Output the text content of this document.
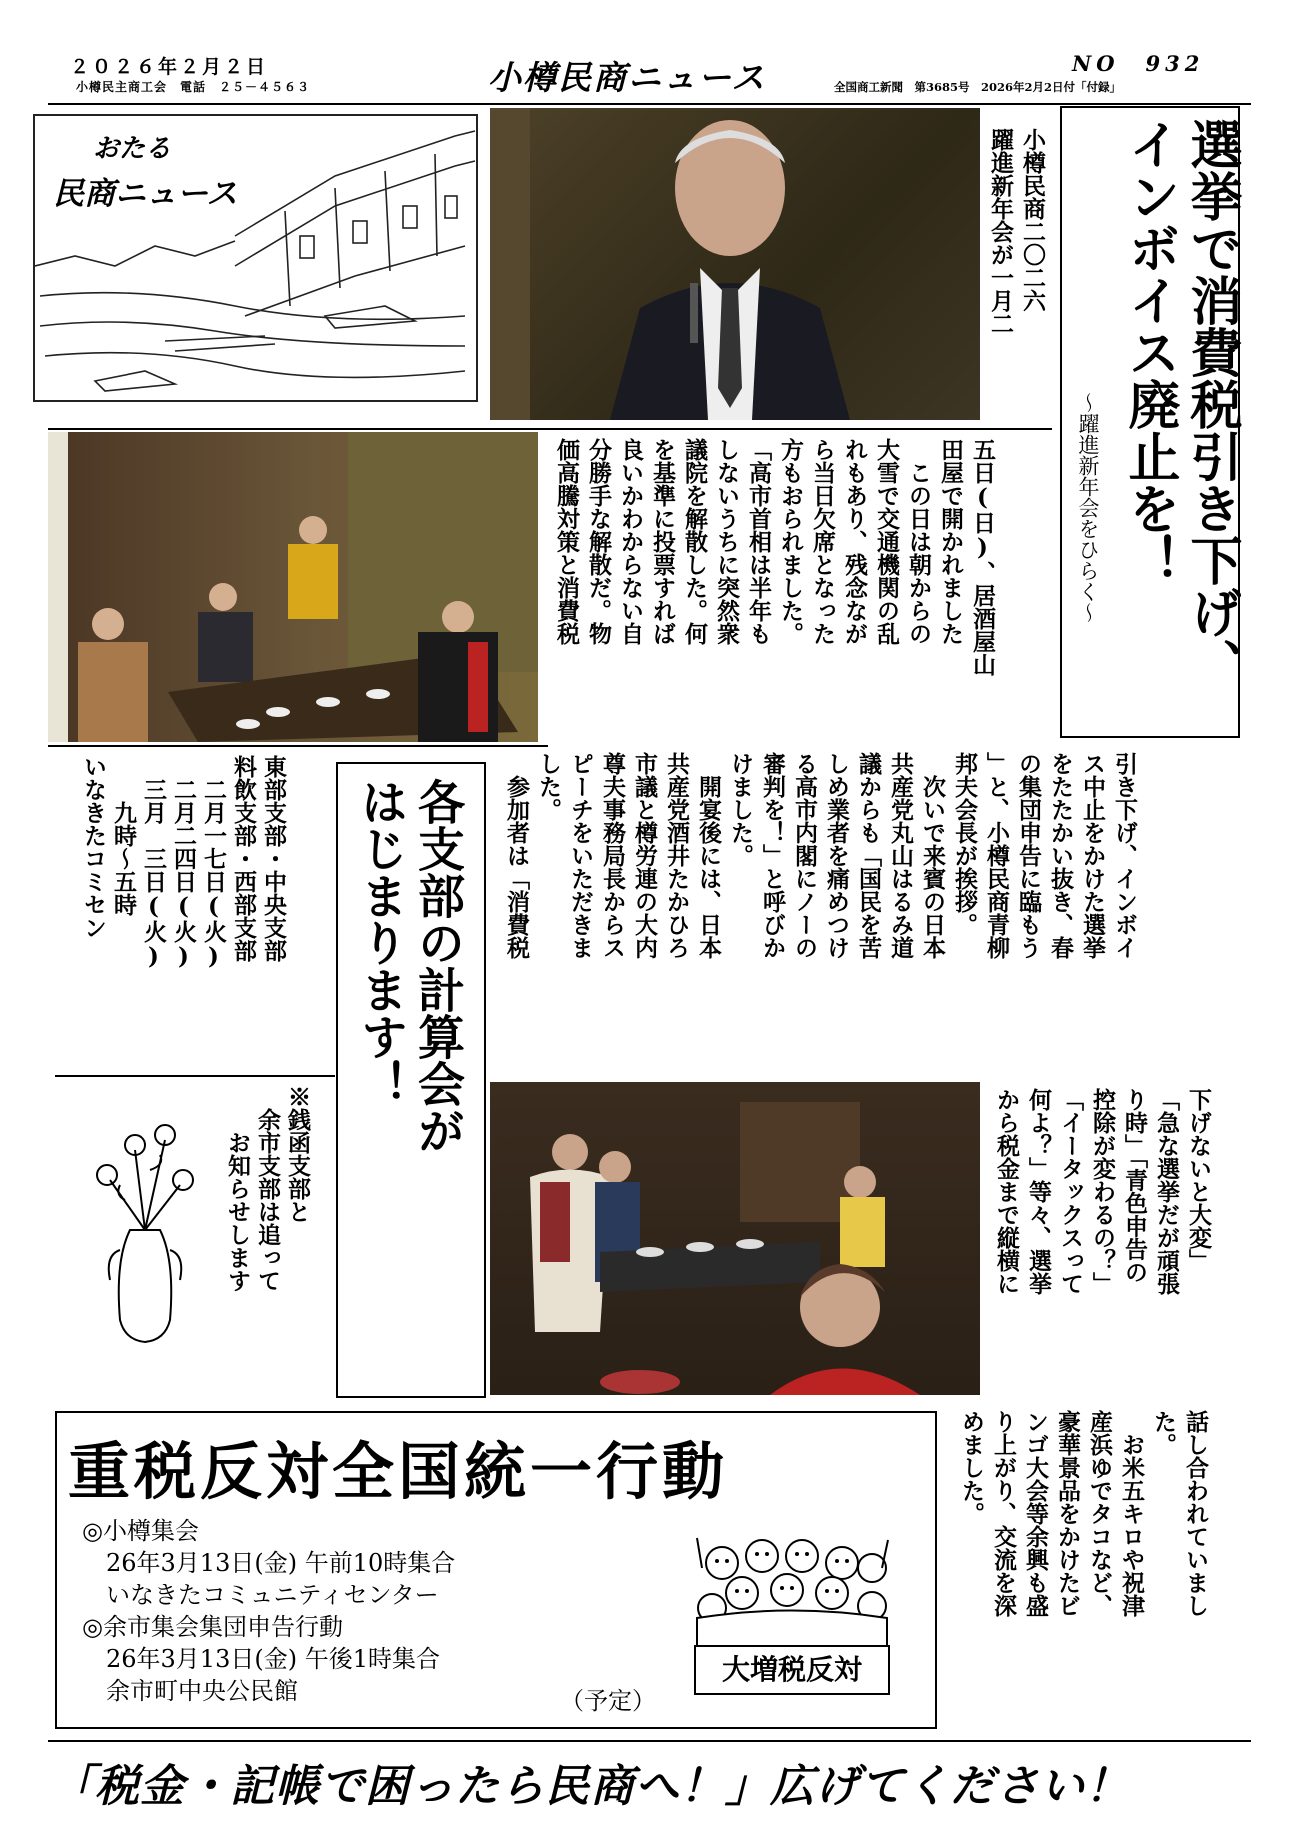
２０２６年２月２日
小樽民主商工会　電話　２５－４５６３	小樽民商ニュース	全国商工新聞　第3685号　2026年2月2日付「付録」
NO　932
おたる
民商ニュース	選挙で消費税引き下げ、
インボイス廃止を！
～躍進新年会をひらく～
小樽民商二〇二六
躍進新年会が一月二
五日(日)、居酒屋山
田屋で開かれました
　この日は朝からの
大雪で交通機関の乱
れもあり、残念なが
ら当日欠席となった
方もおられました。
「高市首相は半年も
しないうちに突然衆
議院を解散した。何
を基準に投票すれば
良いかわからない自
分勝手な解散だ。物
価高騰対策と消費税
引き下げ、インボイ
ス中止をかけた選挙
をたたかい抜き、春
の集団申告に臨もう
」と、小樽民商青柳
邦夫会長が挨拶。
　次いで来賓の日本
共産党丸山はるみ道
議からも「国民を苦
しめ業者を痛めつけ
る高市内閣にノーの
審判を！」と呼びか
けました。
　開宴後には、日本
共産党酒井たかひろ
市議と樽労連の大内
尊夫事務局長からス
ピーチをいただきま
した。
　参加者は「消費税
各支部の計算会が
はじまります！
東部支部・中央支部
料飲支部・西部支部
　二月一七日(火)
　二月二四日(火)
　三月　三日(火)
　　九時～五時
いなきたコミセン
※銭函支部と
　余市支部は追って
　　お知らせします	下げないと大変」
「急な選挙だが頑張
り時」「青色申告の
控除が変わるの？」
「イータックスって
何よ？」等々、選挙
から税金まで縦横に
話し合われていまし
た。
　お米五キロや祝津
産浜ゆでタコなど、
豪華景品をかけたビ
ンゴ大会等余興も盛
り上がり、交流を深
めました。
重税反対全国統一行動
◎小樽集会
　26年3月13日(金) 午前10時集合
　いなきたコミュニティセンター
◎余市集会集団申告行動
　26年3月13日(金) 午後1時集合
　余市町中央公民館	（予定）
大増税反対
「税金・記帳で困ったら民商へ！」広げてください！
